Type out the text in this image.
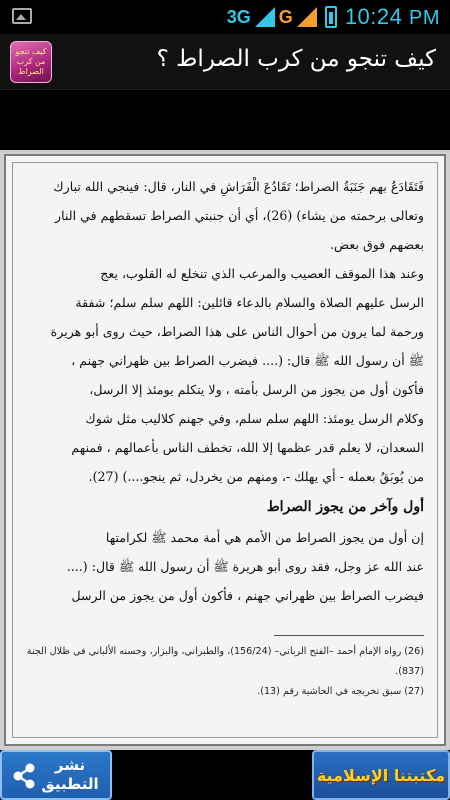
3G G 10:24 PM
كيف تنجو
من كرب
الصراط	كيف تنجو من كرب الصراط ؟
فَتَقَادَعُ بهم جَنَبَةُ الصراط؛ تَقَادُعَ الْفَرَاشِ في النار، قال: فينجي الله تبارك
وتعالى برحمته من يشاء) (26)، أي أن جنبتي الصراط تسقطهم في النار
بعضهم فوق بعض.
وعند هذا الموقف العصيب والمرعب الذي تنخلع له القلوب، يعج
الرسل عليهم الصلاة والسلام بالدعاء قائلين: اللهم سلم سلم؛ شفقة
ورحمة لما يرون من أحوال الناس على هذا الصراط، حيث روى أبو هريرة
ﷺ أن رسول الله ﷺ قال: (.... فيضرب الصراط بين ظهراني جهنم ،
فأكون أول من يجوز من الرسل بأمته ، ولا يتكلم يومئذ إلا الرسل،
وكلام الرسل يومئذ: اللهم سلم سلم، وفي جهنم كلاليب مثل شوك
السعدان، لا يعلم قدر عظمها إلا الله، تخطف الناس بأعمالهم ، فمنهم
من يُوبَقُ بعمله - أي يهلك -، ومنهم من يخردل، ثم ينجو....) (27).
أول وآخر من يجوز الصراط
إن أول من يجوز الصراط من الأمم هي أمة محمد ﷺ لكرامتها
عند الله عز وجل، فقد روى أبو هريرة ﷺ أن رسول الله ﷺ قال: (....
فيضرب الصراط بين ظهراني جهنم ، فأكون أول من يجوز من الرسل
(26) رواه الإمام أحمد –الفتح الرباني– (156/24)، والطبراني، والبزار، وحسنه الألباني في ظلال الجنة
(837).
(27) سبق تخريجه في الحاشية رقم (13).
نشر
التطبيق	مكتبتنا الإسلامية
